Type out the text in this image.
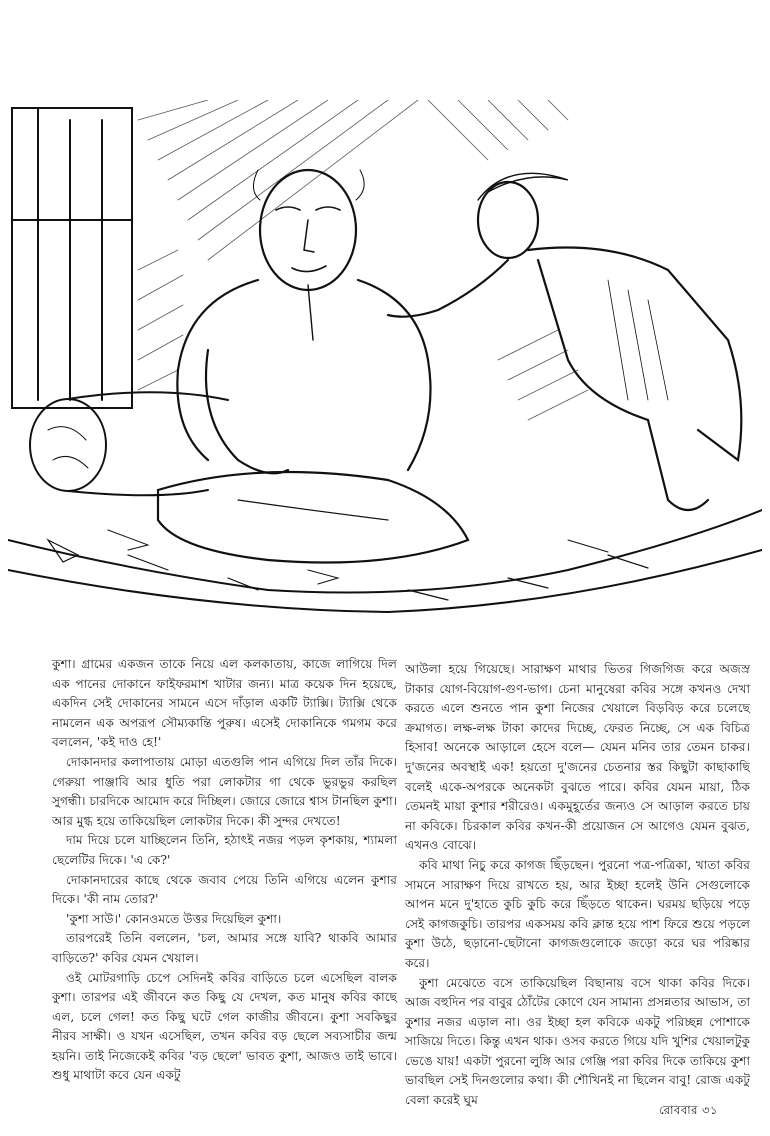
কুশা। গ্রামের একজন তাকে নিয়ে এল কলকাতায়, কাজে লাগিয়ে দিল এক পানের দোকানে ফাইফরমাশ খাটার জন্য। মাত্র কয়েক দিন হয়েছে, একদিন সেই দোকানের সামনে এসে দাঁড়াল একটি ট্যাক্সি। ট্যাক্সি থেকে নামলেন এক অপরূপ সৌম্যকান্তি পুরুষ। এসেই দোকানিকে গমগম করে বললেন, 'কই দাও হে!'

দোকানদার কলাপাতায় মোড়া এতগুলি পান এগিয়ে দিল তাঁর দিকে। গেরুয়া পাঞ্জাবি আর ধুতি পরা লোকটার গা থেকে ভুরভুর করছিল সুগন্ধী। চারদিকে আমোদ করে দিচ্ছিল। জোরে জোরে শ্বাস টানছিল কুশা। আর মুগ্ধ হয়ে তাকিয়েছিল লোকটার দিকে। কী সুন্দর দেখতে!

দাম দিয়ে চলে যাচ্ছিলেন তিনি, হঠাৎই নজর পড়ল কৃশকায়, শ্যামলা ছেলেটির দিকে। 'এ কে?'

দোকানদারের কাছে থেকে জবাব পেয়ে তিনি এগিয়ে এলেন কুশার দিকে। 'কী নাম তোর?'

'কুশা সাউ।' কোনওমতে উত্তর দিয়েছিল কুশা।

তারপরেই তিনি বললেন, 'চল, আমার সঙ্গে যাবি? থাকবি আমার বাড়িতে?' কবির যেমন খেয়াল।

ওই মোটরগাড়ি চেপে সেদিনই কবির বাড়িতে চলে এসেছিল বালক কুশা। তারপর এই জীবনে কত কিছু যে দেখল, কত মানুষ কবির কাছে এল, চলে গেল! কত কিছু ঘটে গেল কাজীর জীবনে। কুশা সবকিছুর নীরব সাক্ষী। ও যখন এসেছিল, তখন কবির বড় ছেলে সব্যসাচীর জন্ম হয়নি। তাই নিজেকেই কবির 'বড় ছেলে' ভাবত কুশা, আজও তাই ভাবে। শুধু মাথাটা কবে যেন একটু

আউলা হয়ে গিয়েছে। সারাক্ষণ মাথার ভিতর গিজগিজ করে অজস্র টাকার যোগ-বিয়োগ-গুণ-ভাগ। চেনা মানুষেরা কবির সঙ্গে কখনও দেখা করতে এলে শুনতে পান কুশা নিজের খেয়ালে বিড়বিড় করে চলেছে ক্রমাগত। লক্ষ-লক্ষ টাকা কাদের দিচ্ছে, ফেরত নিচ্ছে, সে এক বিচিত্র হিসাব! অনেকে আড়ালে হেসে বলে— যেমন মনিব তার তেমন চাকর। দু'জনের অবস্থাই এক! হয়তো দু'জনের চেতনার স্তর কিছুটা কাছাকাছি বলেই একে-অপরকে অনেকটা বুঝতে পারে। কবির যেমন মায়া, ঠিক তেমনই মায়া কুশার শরীরেও। একমুহূর্তের জন্যও সে আড়াল করতে চায় না কবিকে। চিরকাল কবির কখন-কী প্রয়োজন সে আগেও যেমন বুঝত, এখনও বোঝে।

কবি মাথা নিচু করে কাগজ ছিঁড়ছেন। পুরনো পত্র-পত্রিকা, খাতা কবির সামনে সারাক্ষণ দিয়ে রাখতে হয়, আর ইচ্ছা হলেই উনি সেগুলোকে আপন মনে দু'হাতে কুচি কুচি করে ছিঁড়তে থাকেন। ঘরময় ছড়িয়ে পড়ে সেই কাগজকুচি। তারপর একসময় কবি ক্লান্ত হয়ে পাশ ফিরে শুয়ে পড়লে কুশা উঠে, ছড়ানো-ছেটানো কাগজগুলোকে জড়ো করে ঘর পরিষ্কার করে।

কুশা মেঝেতে বসে তাকিয়েছিল বিছানায় বসে থাকা কবির দিকে। আজ বহুদিন পর বাবুর ঠোঁটের কোণে যেন সামান্য প্রসন্নতার আভাস, তা কুশার নজর এড়াল না। ওর ইচ্ছা হল কবিকে একটু পরিচ্ছন্ন পোশাকে সাজিয়ে দিতে। কিন্তু এখন থাক। ওসব করতে গিয়ে যদি খুশির খেয়ালটুকু ভেঙে যায়! একটা পুরনো লুঙ্গি আর গেঞ্জি পরা কবির দিকে তাকিয়ে কুশা ভাবছিল সেই দিনগুলোর কথা। কী শৌখিনই না ছিলেন বাবু! রোজ একটু বেলা করেই ঘুম

রোববার ৩১
